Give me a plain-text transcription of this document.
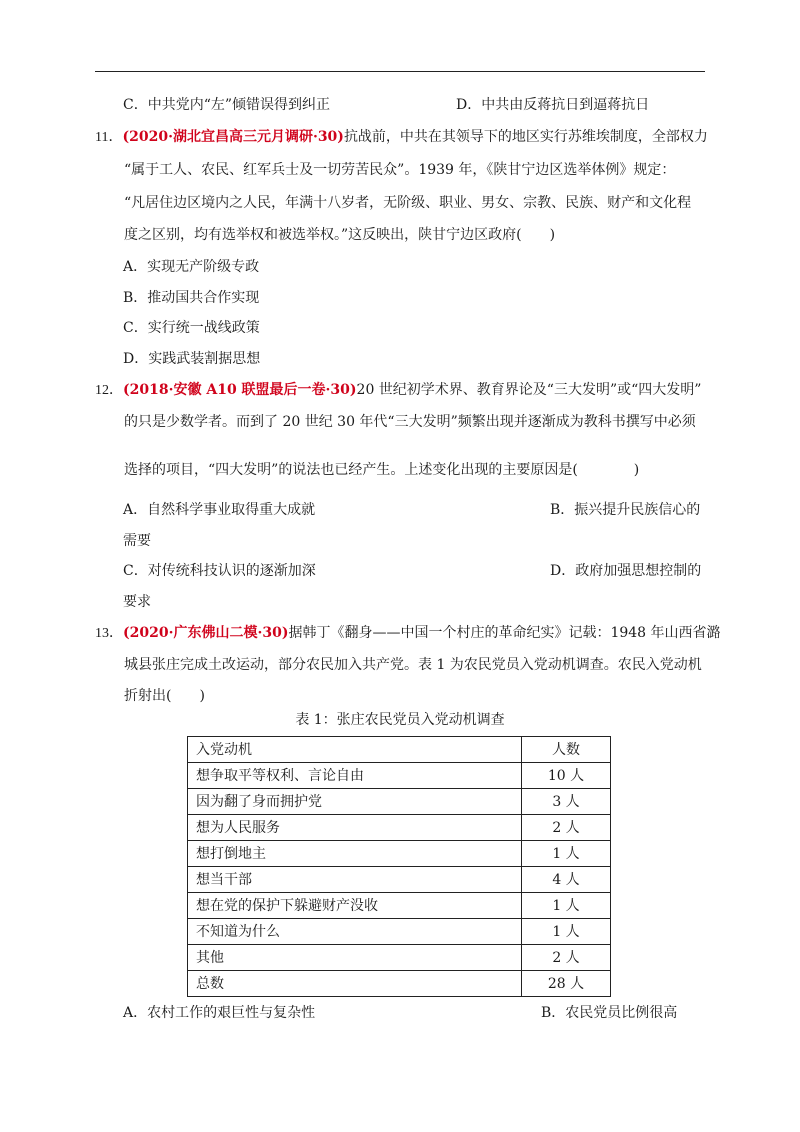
C．中共党内“左”倾错误得到纠正	D．中共由反蒋抗日到逼蒋抗日
11．(2020·湖北宜昌高三元月调研·30)抗战前，中共在其领导下的地区实行苏维埃制度，全部权力
“属于工人、农民、红军兵士及一切劳苦民众”。1939 年，《陕甘宁边区选举体例》规定：
“凡居住边区境内之人民，年满十八岁者，无阶级、职业、男女、宗教、民族、财产和文化程
度之区别，均有选举权和被选举权。”这反映出，陕甘宁边区政府(　　)
A．实现无产阶级专政
B．推动国共合作实现
C．实行统一战线政策
D．实践武装割据思想
12．(2018·安徽 A10 联盟最后一卷·30)20 世纪初学术界、教育界论及“三大发明”或“四大发明”
的只是少数学者。而到了 20 世纪 30 年代“三大发明”频繁出现并逐渐成为教科书撰写中必须
选择的项目，“四大发明”的说法也已经产生。上述变化出现的主要原因是(　　　　)
A．自然科学事业取得重大成就	B．振兴提升民族信心的
需要
C．对传统科技认识的逐渐加深	D．政府加强思想控制的
要求
13．(2020·广东佛山二模·30)据韩丁《翻身——中国一个村庄的革命纪实》记载：1948 年山西省潞
城县张庄完成土改运动，部分农民加入共产党。表 1 为农民党员入党动机调查。农民入党动机
折射出(　　)
表 1：张庄农民党员入党动机调查
入党动机	人数
想争取平等权利、言论自由	10 人
因为翻了身而拥护党	3 人
想为人民服务	2 人
想打倒地主	1 人
想当干部	4 人
想在党的保护下躲避财产没收	1 人
不知道为什么	1 人
其他	2 人
总数	28 人
A．农村工作的艰巨性与复杂性	B．农民党员比例很高
